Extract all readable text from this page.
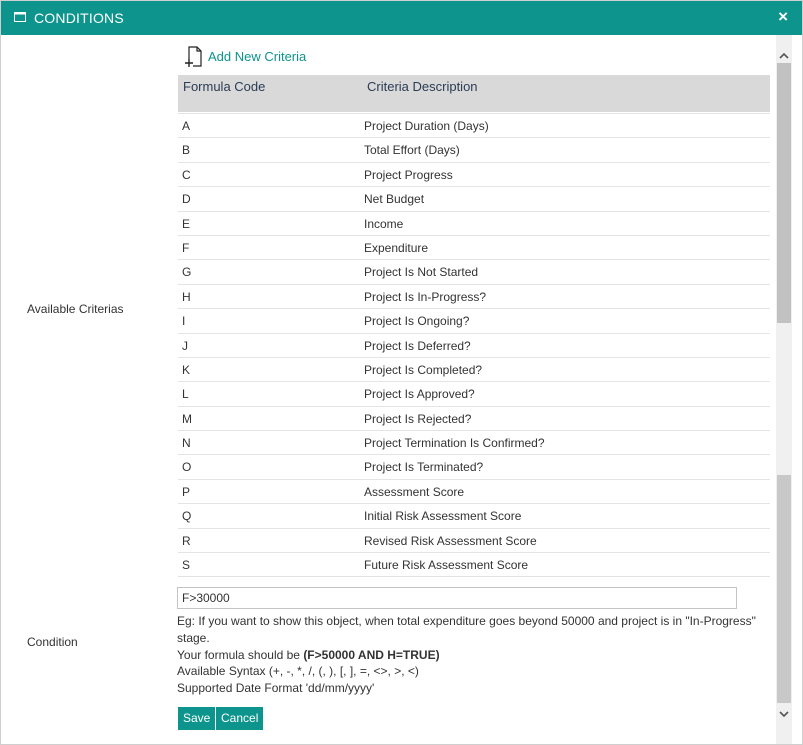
CONDITIONS	×
Add New Criteria
Available Criterias
Formula Code	Criteria Description
A	Project Duration (Days)
B	Total Effort (Days)
C	Project Progress
D	Net Budget
E	Income
F	Expenditure
G	Project Is Not Started
H	Project Is In-Progress?
I	Project Is Ongoing?
J	Project Is Deferred?
K	Project Is Completed?
L	Project Is Approved?
M	Project Is Rejected?
N	Project Termination Is Confirmed?
O	Project Is Terminated?
P	Assessment Score
Q	Initial Risk Assessment Score
R	Revised Risk Assessment Score
S	Future Risk Assessment Score
Condition
F>30000
Eg: If you want to show this object, when total expenditure goes beyond 50000 and project is in "In-Progress" stage.
Your formula should be (F>50000 AND H=TRUE)
Available Syntax (+, -, *, /, (, ), [, ], =, <>, >, <)
Supported Date Format 'dd/mm/yyyy'
Save Cancel
